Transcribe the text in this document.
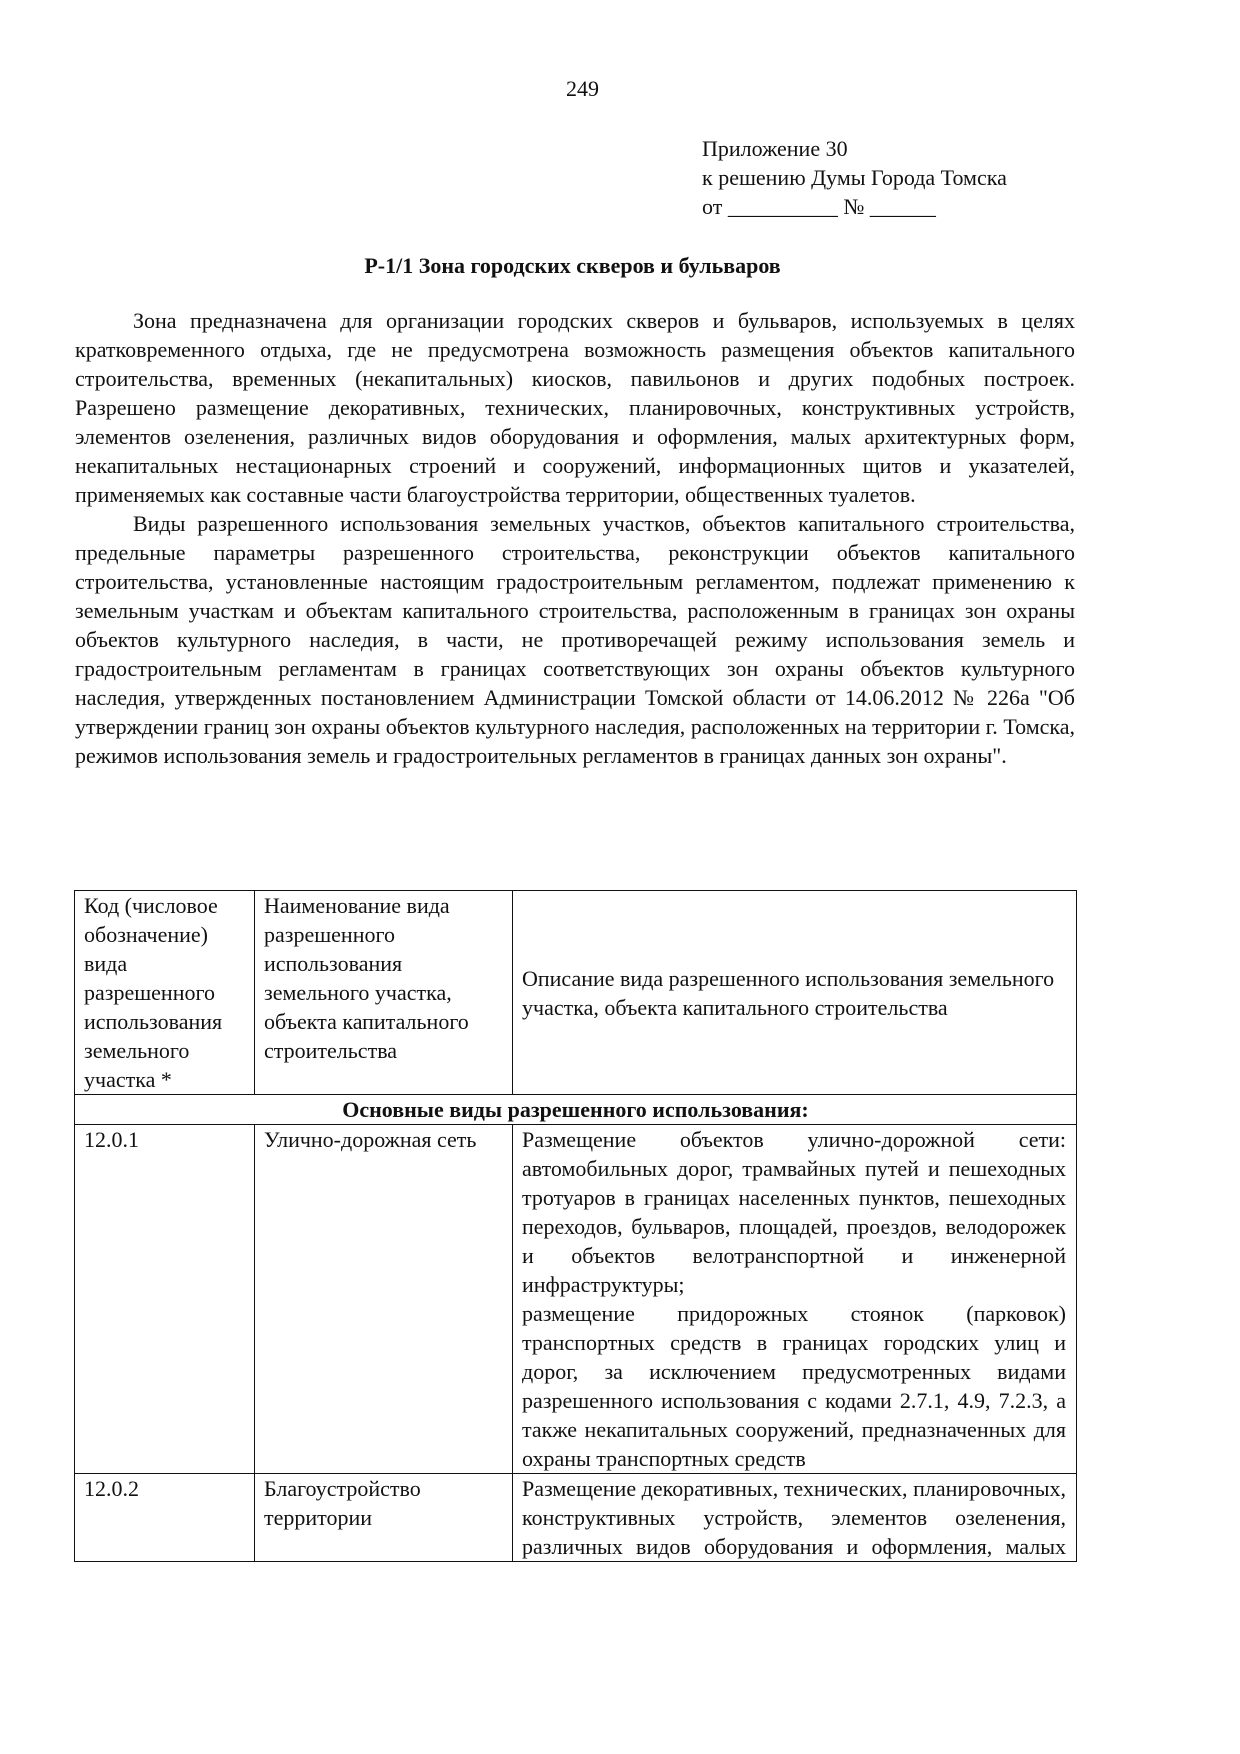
249
Приложение 30
к решению Думы Города Томска
от __________ № ______
Р-1/1 Зона городских скверов и бульваров

Зона предназначена для организации городских скверов и бульваров, используемых в целях кратковременного отдыха, где не предусмотрена возможность размещения объектов капитального строительства, временных (некапитальных) киосков, павильонов и других подобных построек. Разрешено размещение декоративных, технических, планировочных, конструктивных устройств, элементов озеленения, различных видов оборудования и оформления, малых архитектурных форм, некапитальных нестационарных строений и сооружений, информационных щитов и указателей, применяемых как составные части благоустройства территории, общественных туалетов.

Виды разрешенного использования земельных участков, объектов капитального строительства, предельные параметры разрешенного строительства, реконструкции объектов капитального строительства, установленные настоящим градостроительным регламентом, подлежат применению к земельным участкам и объектам капитального строительства, расположенным в границах зон охраны объектов культурного наследия, в части, не противоречащей режиму использования земель и градостроительным регламентам в границах соответствующих зон охраны объектов культурного наследия, утвержденных постановлением Администрации Томской области от 14.06.2012 № 226а "Об утверждении границ зон охраны объектов культурного наследия, расположенных на территории г. Томска, режимов использования земель и градостроительных регламентов в границах данных зон охраны".

Код (числовое обозначение) вида разрешенного использования земельного участка *	Наименование вида разрешенного использования земельного участка, объекта капитального строительства	Описание вида разрешенного использования земельного участка, объекта капитального строительства
Основные виды разрешенного использования:		
12.0.1	Улично-дорожная сеть	Размещение объектов улично-дорожной сети: автомобильных дорог, трамвайных путей и пешеходных тротуаров в границах населенных пунктов, пешеходных переходов, бульваров, площадей, проездов, велодорожек и объектов велотранспортной и инженерной инфраструктуры;

размещение придорожных стоянок (парковок) транспортных средств в границах городских улиц и дорог, за исключением предусмотренных видами разрешенного использования с кодами 2.7.1, 4.9, 7.2.3, а также некапитальных сооружений, предназначенных для охраны транспортных средств

12.0.2	Благоустройство территории	Размещение декоративных, технических, планировочных, конструктивных устройств, элементов озеленения, различных видов оборудования и оформления, малых
